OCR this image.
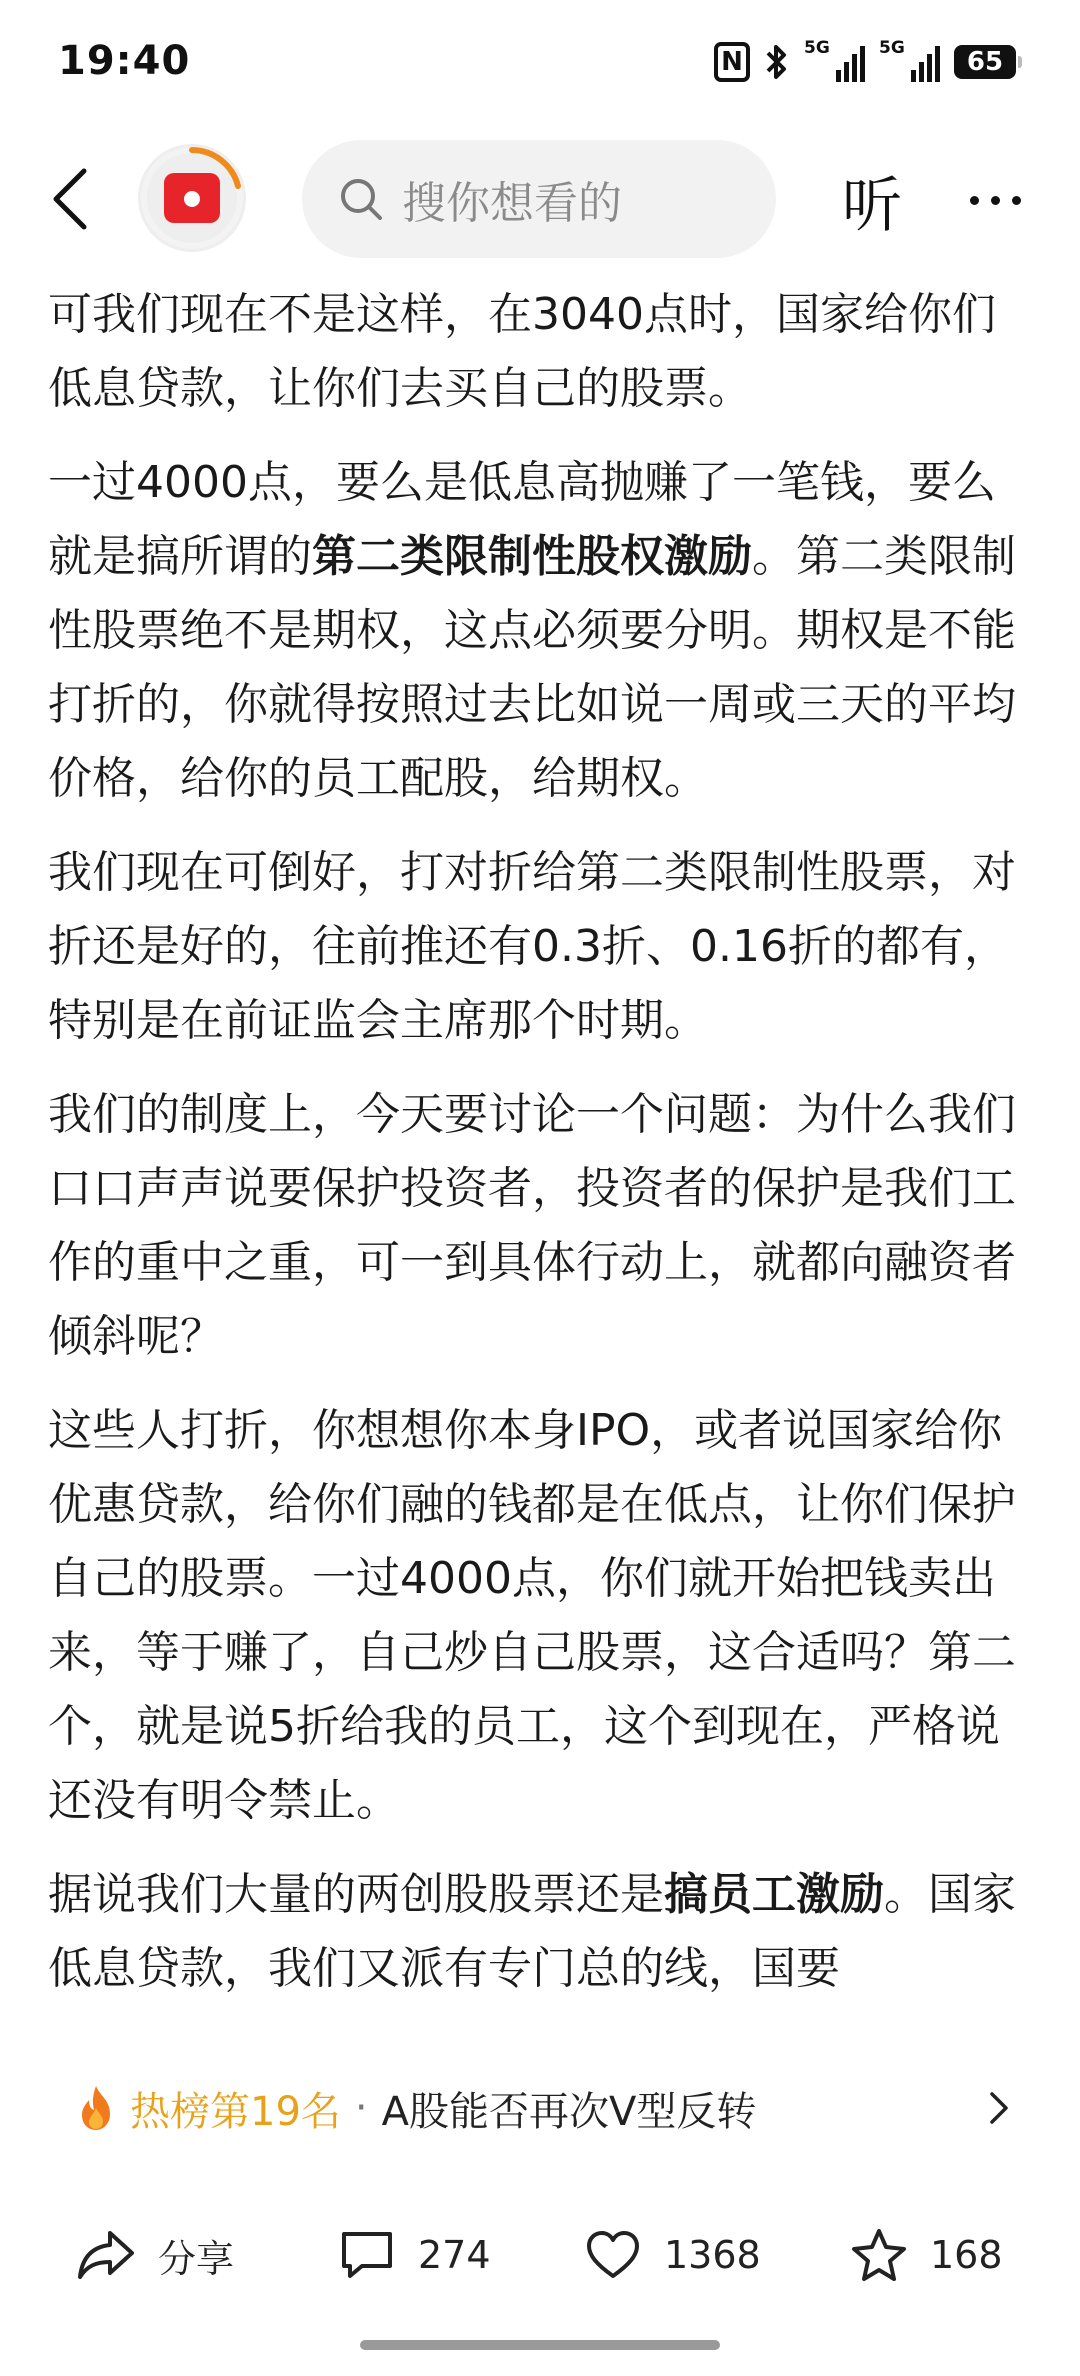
19:40	N	5G	5G	65
搜你想看的	听

可我们现在不是这样，在3040点时，国家给你们低息贷款，让你们去买自己的股票。

一过4000点，要么是低息高抛赚了一笔钱，要么就是搞所谓的第二类限制性股权激励。第二类限制性股票绝不是期权，这点必须要分明。期权是不能打折的，你就得按照过去比如说一周或三天的平均价格，给你的员工配股，给期权。

我们现在可倒好，打对折给第二类限制性股票，对折还是好的，往前推还有0.3折、0.16折的都有，特别是在前证监会主席那个时期。

我们的制度上，今天要讨论一个问题：为什么我们口口声声说要保护投资者，投资者的保护是我们工作的重中之重，可一到具体行动上，就都向融资者倾斜呢？

这些人打折，你想想你本身IPO，或者说国家给你优惠贷款，给你们融的钱都是在低点，让你们保护自己的股票。一过4000点，你们就开始把钱卖出来，等于赚了，自己炒自己股票，这合适吗？第二个，就是说5折给我的员工，这个到现在，严格说还没有明令禁止。

据说我们大量的两创股股票还是搞员工激励。国家低息贷款，我们又派有专门总的线，国要

热榜第19名 · A股能否再次V型反转
分享	274	1368	168
